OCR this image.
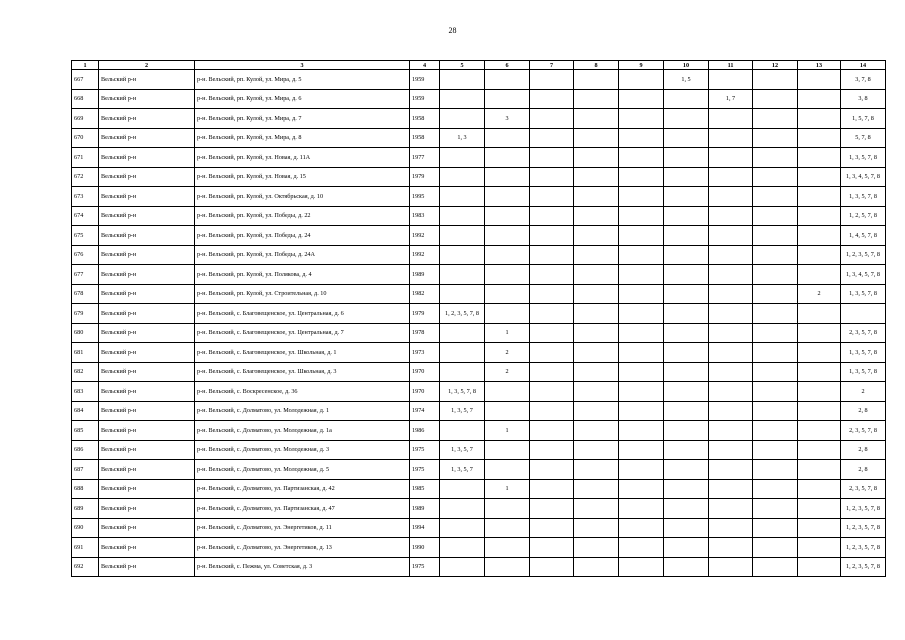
28
1	2	3	4	5	6	7	8	9	10	11	12	13	14
667	Вельский р-н	р-н. Вельский, рп. Кулой, ул. Мира, д. 5	1959						1, 5				3, 7, 8
668	Вельский р-н	р-н. Вельский, рп. Кулой, ул. Мира, д. 6	1959							1, 7			3, 8
669	Вельский р-н	р-н. Вельский, рп. Кулой, ул. Мира, д. 7	1958		3								1, 5, 7, 8
670	Вельский р-н	р-н. Вельский, рп. Кулой, ул. Мира, д. 8	1958	1, 3									5, 7, 8
671	Вельский р-н	р-н. Вельский, рп. Кулой, ул. Новая, д. 11А	1977										1, 3, 5, 7, 8
672	Вельский р-н	р-н. Вельский, рп. Кулой, ул. Новая, д. 15	1979										1, 3, 4, 5, 7, 8
673	Вельский р-н	р-н. Вельский, рп. Кулой, ул. Октябрьская, д. 10	1995										1, 3, 5, 7, 8
674	Вельский р-н	р-н. Вельский, рп. Кулой, ул. Победы, д. 22	1983										1, 2, 5, 7, 8
675	Вельский р-н	р-н. Вельский, рп. Кулой, ул. Победы, д. 24	1992										1, 4, 5, 7, 8
676	Вельский р-н	р-н. Вельский, рп. Кулой, ул. Победы, д. 24А	1992										1, 2, 3, 5, 7, 8
677	Вельский р-н	р-н. Вельский, рп. Кулой, ул. Полякова, д. 4	1989										1, 3, 4, 5, 7, 8
678	Вельский р-н	р-н. Вельский, рп. Кулой, ул. Строительная, д. 10	1982									2	1, 3, 5, 7, 8
679	Вельский р-н	р-н. Вельский, с. Благовещенское, ул. Центральная, д. 6	1979	1, 2, 3, 5, 7, 8									
680	Вельский р-н	р-н. Вельский, с. Благовещенское, ул. Центральная, д. 7	1978		1								2, 3, 5, 7, 8
681	Вельский р-н	р-н. Вельский, с. Благовещенское, ул. Школьная, д. 1	1973		2								1, 3, 5, 7, 8
682	Вельский р-н	р-н. Вельский, с. Благовещенское, ул. Школьная, д. 3	1970		2								1, 3, 5, 7, 8
683	Вельский р-н	р-н. Вельский, с. Воскресенское, д. 36	1970	1, 3, 5, 7, 8									2
684	Вельский р-н	р-н. Вельский, с. Долматово, ул. Молодежная, д. 1	1974	1, 3, 5, 7									2, 8
685	Вельский р-н	р-н. Вельский, с. Долматово, ул. Молодежная, д. 1а	1986		1								2, 3, 5, 7, 8
686	Вельский р-н	р-н. Вельский, с. Долматово, ул. Молодежная, д. 3	1975	1, 3, 5, 7									2, 8
687	Вельский р-н	р-н. Вельский, с. Долматово, ул. Молодежная, д. 5	1975	1, 3, 5, 7									2, 8
688	Вельский р-н	р-н. Вельский, с. Долматово, ул. Партизанская, д. 42	1985		1								2, 3, 5, 7, 8
689	Вельский р-н	р-н. Вельский, с. Долматово, ул. Партизанская, д. 47	1989										1, 2, 3, 5, 7, 8
690	Вельский р-н	р-н. Вельский, с. Долматово, ул. Энергетиков, д. 11	1994										1, 2, 3, 5, 7, 8
691	Вельский р-н	р-н. Вельский, с. Долматово, ул. Энергетиков, д. 13	1990										1, 2, 3, 5, 7, 8
692	Вельский р-н	р-н. Вельский, с. Пежма, ул. Советская, д. 3	1975										1, 2, 3, 5, 7, 8
